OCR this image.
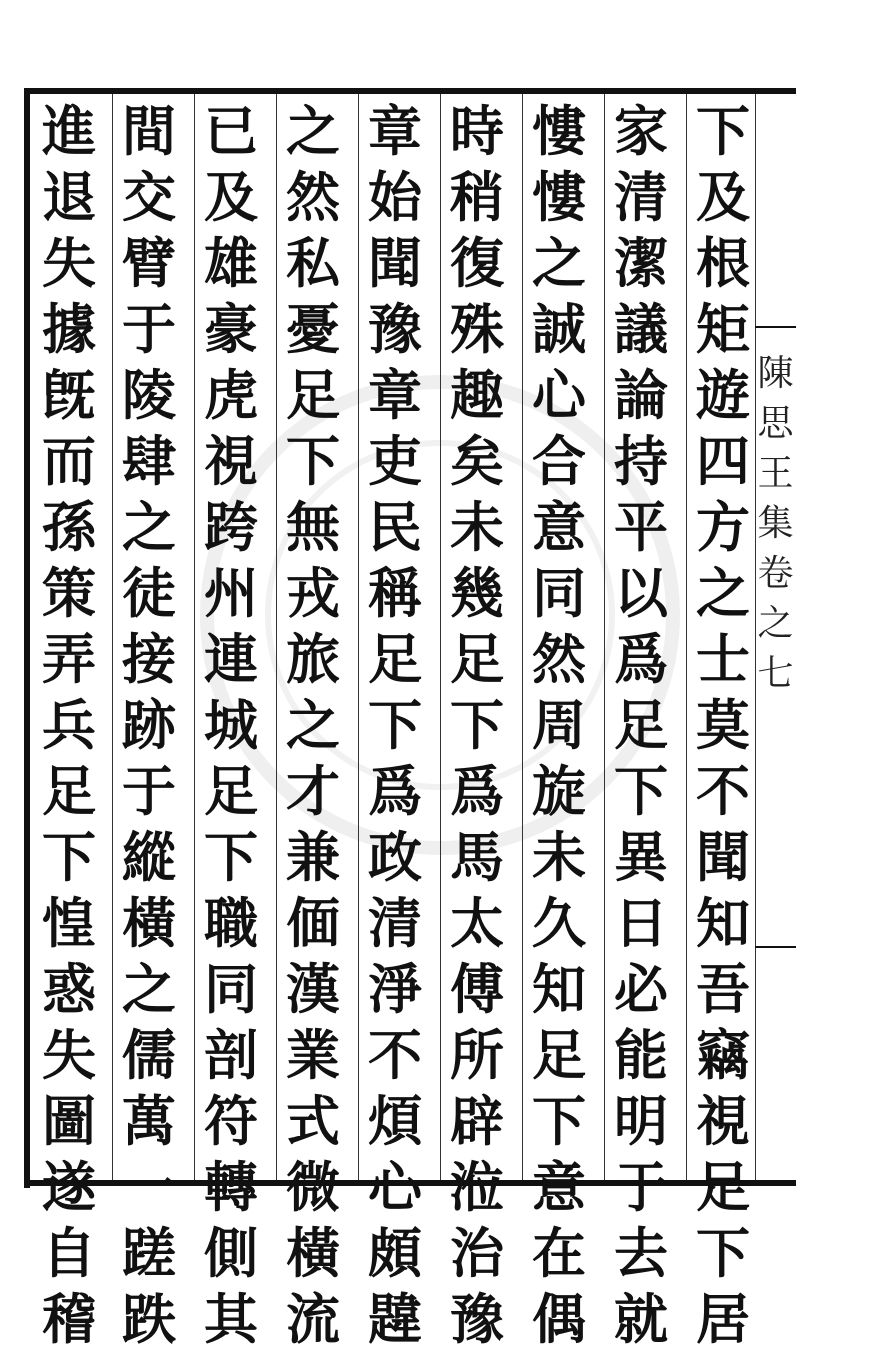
陳
思
王
集
卷
之
七
下
及
根
矩
遊
四
方
之
士
莫
不
聞
知
吾
竊
視
足
下
居
家
清
潔
議
論
持
平
以
爲
足
下
異
日
必
能
明
于
去
就
慺
慺
之
誠
心
合
意
同
然
周
旋
未
久
知
足
下
意
在
偶
時
稍
復
殊
趣
矣
未
幾
足
下
爲
馬
太
傅
所
辟
涖
治
豫
章
始
聞
豫
章
吏
民
稱
足
下
爲
政
清
淨
不
煩
心
頗
韙
之
然
私
憂
足
下
無
戎
旅
之
才
兼
偭
漢
業
式
微
橫
流
已
及
雄
豪
虎
視
跨
州
連
城
足
下
職
同
剖
符
轉
側
其
間
交
臂
于
陵
肆
之
徒
接
跡
于
縱
橫
之
儒
萬
一
蹉
跌
進
退
失
據
旣
而
孫
策
弄
兵
足
下
惶
惑
失
圖
遂
自
稽
